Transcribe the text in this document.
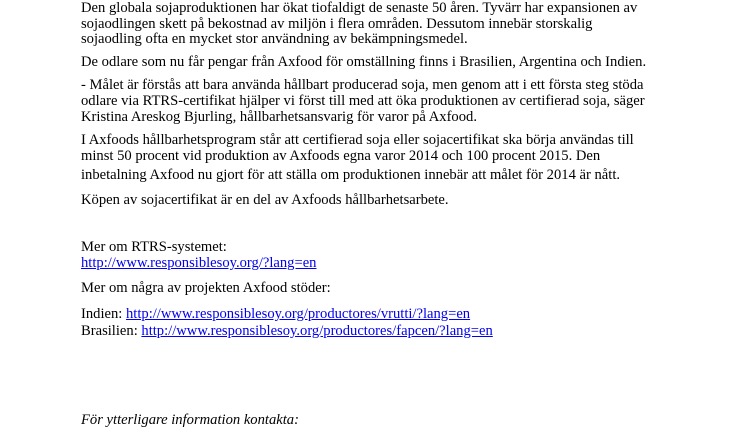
Den globala sojaproduktionen har ökat tiofaldigt de senaste 50 åren. Tyvärr har expansionen av
sojaodlingen skett på bekostnad av miljön i flera områden. Dessutom innebär storskalig
sojaodling ofta en mycket stor användning av bekämpningsmedel.
De odlare som nu får pengar från Axfood för omställning finns i Brasilien, Argentina och Indien.
- Målet är förstås att bara använda hållbart producerad soja, men genom att i ett första steg stöda
odlare via RTRS-certifikat hjälper vi först till med att öka produktionen av certifierad soja, säger
Kristina Areskog Bjurling, hållbarhetsansvarig för varor på Axfood.
I Axfoods hållbarhetsprogram står att certifierad soja eller sojacertifikat ska börja användas till
minst 50 procent vid produktion av Axfoods egna varor 2014 och 100 procent 2015. Den
inbetalning Axfood nu gjort för att ställa om produktionen innebär att målet för 2014 är nått.
Köpen av sojacertifikat är en del av Axfoods hållbarhetsarbete.
Mer om RTRS-systemet:
http://www.responsiblesoy.org/?lang=en
Mer om några av projekten Axfood stöder:
Indien: http://www.responsiblesoy.org/productores/vrutti/?lang=en
Brasilien: http://www.responsiblesoy.org/productores/fapcen/?lang=en
För ytterligare information kontakta:
